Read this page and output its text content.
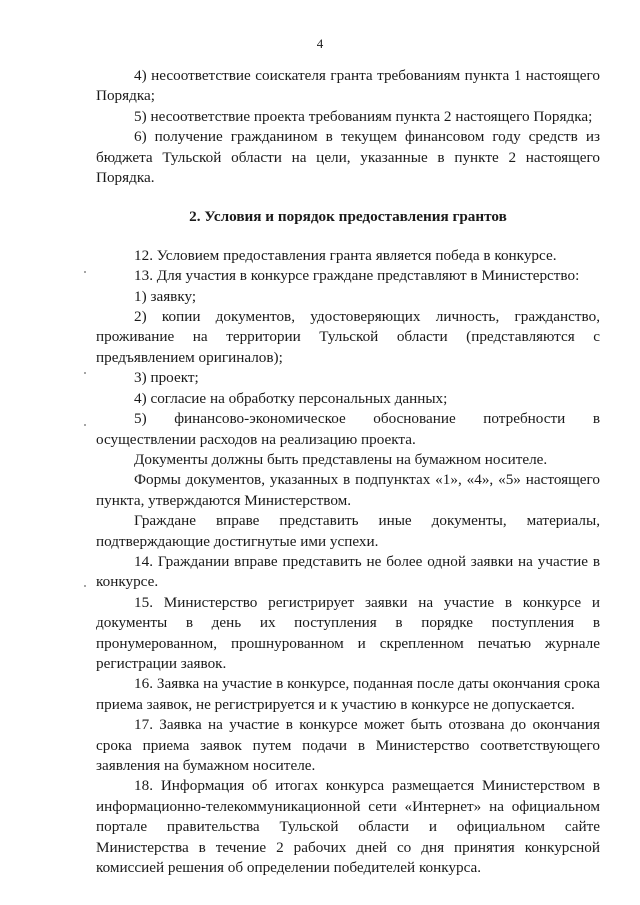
4

4) несоответствие соискателя гранта требованиям пункта 1 настоящего Порядка;

5) несоответствие проекта требованиям пункта 2 настоящего Порядка;

6) получение гражданином в текущем финансовом году средств из бюджета Тульской области на цели, указанные в пункте 2 настоящего Порядка.

2. Условия и порядок предоставления грантов

12. Условием предоставления гранта является победа в конкурсе.

13. Для участия в конкурсе граждане представляют в Министерство:

1) заявку;

2) копии документов, удостоверяющих личность, гражданство, проживание на территории Тульской области (представляются с предъявлением оригиналов);

3) проект;

4) согласие на обработку персональных данных;

5) финансово-экономическое обоснование потребности в осуществлении расходов на реализацию проекта.

Документы должны быть представлены на бумажном носителе.

Формы документов, указанных в подпунктах «1», «4», «5» настоящего пункта, утверждаются Министерством.

Граждане вправе представить иные документы, материалы, подтверждающие достигнутые ими успехи.

14. Граждании вправе представить не более одной заявки на участие в конкурсе.

15. Министерство регистрирует заявки на участие в конкурсе и документы в день их поступления в порядке поступления в пронумерованном, прошнурованном и скрепленном печатью журнале регистрации заявок.

16. Заявка на участие в конкурсе, поданная после даты окончания срока приема заявок, не регистрируется и к участию в конкурсе не допускается.

17. Заявка на участие в конкурсе может быть отозвана до окончания срока приема заявок путем подачи в Министерство соответствующего заявления на бумажном носителе.

18. Информация об итогах конкурса размещается Министерством в информационно-телекоммуникационной сети «Интернет» на официальном портале правительства Тульской области и официальном сайте Министерства в течение 2 рабочих дней со дня принятия конкурсной комиссией решения об определении победителей конкурса.
